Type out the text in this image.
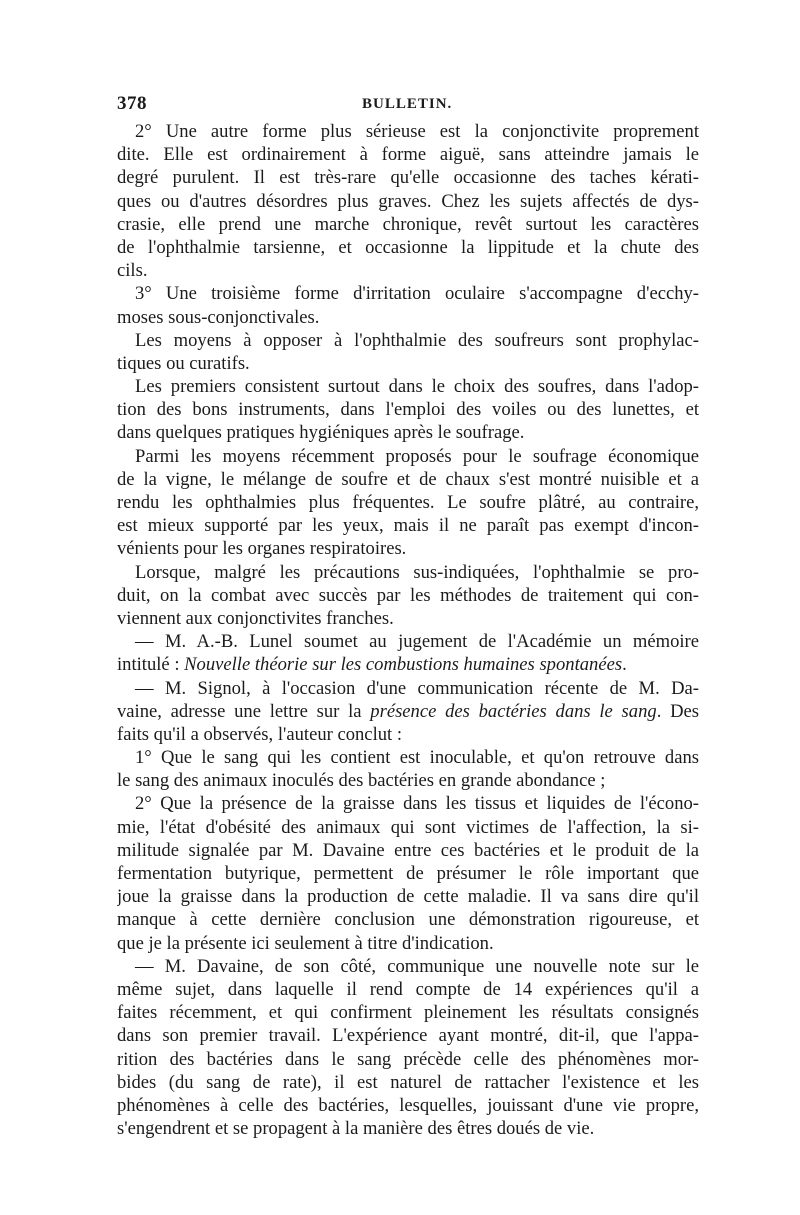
378	BULLETIN.
2° Une autre forme plus sérieuse est la conjonctivite proprement
dite. Elle est ordinairement à forme aiguë, sans atteindre jamais le
degré purulent. Il est très-rare qu'elle occasionne des taches kérati-
ques ou d'autres désordres plus graves. Chez les sujets affectés de dys-
crasie, elle prend une marche chronique, revêt surtout les caractères
de l'ophthalmie tarsienne, et occasionne la lippitude et la chute des
cils.
3° Une troisième forme d'irritation oculaire s'accompagne d'ecchy-
moses sous-conjonctivales.
Les moyens à opposer à l'ophthalmie des soufreurs sont prophylac-
tiques ou curatifs.
Les premiers consistent surtout dans le choix des soufres, dans l'adop-
tion des bons instruments, dans l'emploi des voiles ou des lunettes, et
dans quelques pratiques hygiéniques après le soufrage.
Parmi les moyens récemment proposés pour le soufrage économique
de la vigne, le mélange de soufre et de chaux s'est montré nuisible et a
rendu les ophthalmies plus fréquentes. Le soufre plâtré, au contraire,
est mieux supporté par les yeux, mais il ne paraît pas exempt d'incon-
vénients pour les organes respiratoires.
Lorsque, malgré les précautions sus-indiquées, l'ophthalmie se pro-
duit, on la combat avec succès par les méthodes de traitement qui con-
viennent aux conjonctivites franches.
— M. A.-B. Lunel soumet au jugement de l'Académie un mémoire
intitulé : Nouvelle théorie sur les combustions humaines spontanées.
— M. Signol, à l'occasion d'une communication récente de M. Da-
vaine, adresse une lettre sur la présence des bactéries dans le sang. Des
faits qu'il a observés, l'auteur conclut :
1° Que le sang qui les contient est inoculable, et qu'on retrouve dans
le sang des animaux inoculés des bactéries en grande abondance ;
2° Que la présence de la graisse dans les tissus et liquides de l'écono-
mie, l'état d'obésité des animaux qui sont victimes de l'affection, la si-
militude signalée par M. Davaine entre ces bactéries et le produit de la
fermentation butyrique, permettent de présumer le rôle important que
joue la graisse dans la production de cette maladie. Il va sans dire qu'il
manque à cette dernière conclusion une démonstration rigoureuse, et
que je la présente ici seulement à titre d'indication.
— M. Davaine, de son côté, communique une nouvelle note sur le
même sujet, dans laquelle il rend compte de 14 expériences qu'il a
faites récemment, et qui confirment pleinement les résultats consignés
dans son premier travail. L'expérience ayant montré, dit-il, que l'appa-
rition des bactéries dans le sang précède celle des phénomènes mor-
bides (du sang de rate), il est naturel de rattacher l'existence et les
phénomènes à celle des bactéries, lesquelles, jouissant d'une vie propre,
s'engendrent et se propagent à la manière des êtres doués de vie.
